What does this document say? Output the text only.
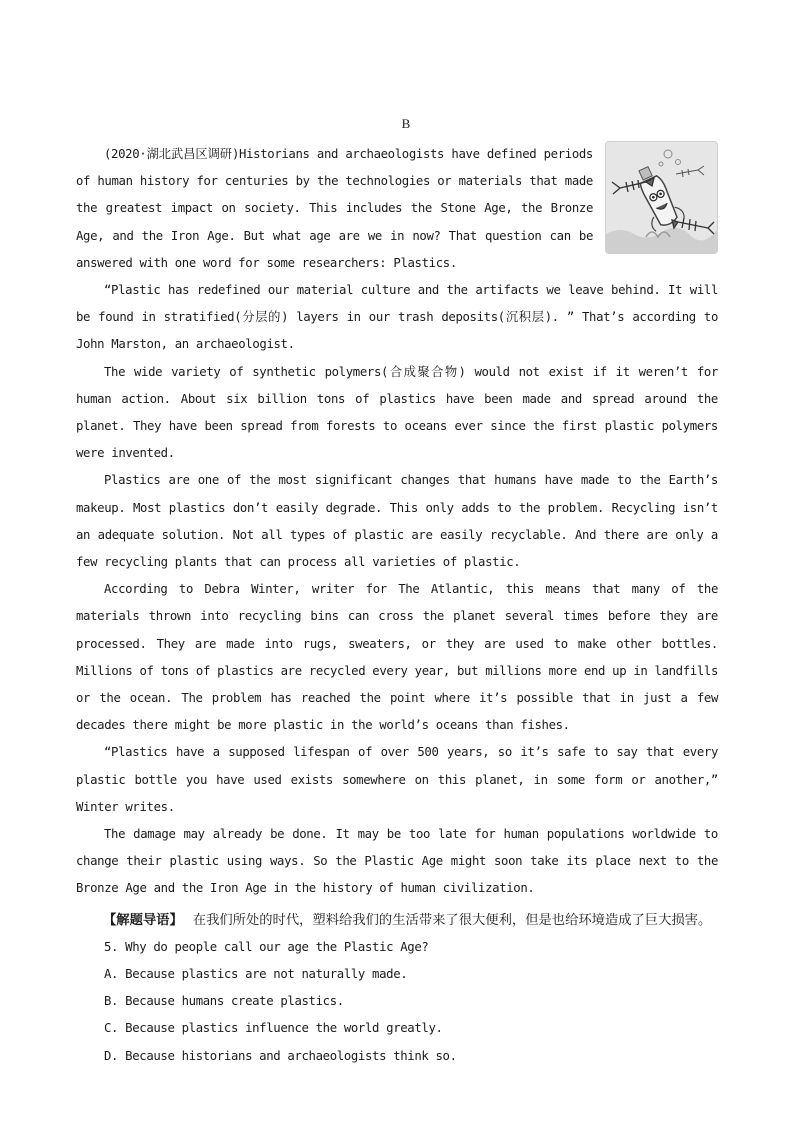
B

(2020·湖北武昌区调研)Historians and archaeologists have defined periods of human history for centuries by the technologies or materials that made the greatest impact on society. This includes the Stone Age, the Bronze Age, and the Iron Age. But what age are we in now? That question can be answered with one word for some researchers: Plastics.

“Plastic has redefined our material culture and the artifacts we leave behind. It will be found in stratified(分层的) layers in our trash deposits(沉积层). ” That’s according to John Marston, an archaeologist.

The wide variety of synthetic polymers(合成聚合物) would not exist if it weren’t for human action. About six billion tons of plastics have been made and spread around the planet. They have been spread from forests to oceans ever since the first plastic polymers were invented.

Plastics are one of the most significant changes that humans have made to the Earth’s makeup. Most plastics don’t easily degrade. This only adds to the problem. Recycling isn’t an adequate solution. Not all types of plastic are easily recyclable. And there are only a few recycling plants that can process all varieties of plastic.

According to Debra Winter, writer for The Atlantic, this means that many of the materials thrown into recycling bins can cross the planet several times before they are processed. They are made into rugs, sweaters, or they are used to make other bottles. Millions of tons of plastics are recycled every year, but millions more end up in landfills or the ocean. The problem has reached the point where it’s possible that in just a few decades there might be more plastic in the world’s oceans than fishes.

“Plastics have a supposed lifespan of over 500 years, so it’s safe to say that every plastic bottle you have used exists somewhere on this planet, in some form or another,” Winter writes.

The damage may already be done. It may be too late for human populations worldwide to change their plastic using ways. So the Plastic Age might soon take its place next to the Bronze Age and the Iron Age in the history of human civilization.

【解题导语】 在我们所处的时代，塑料给我们的生活带来了很大便利，但是也给环境造成了巨大损害。

5. Why do people call our age the Plastic Age?

A. Because plastics are not naturally made.

B. Because humans create plastics.

C. Because plastics influence the world greatly.

D. Because historians and archaeologists think so.
